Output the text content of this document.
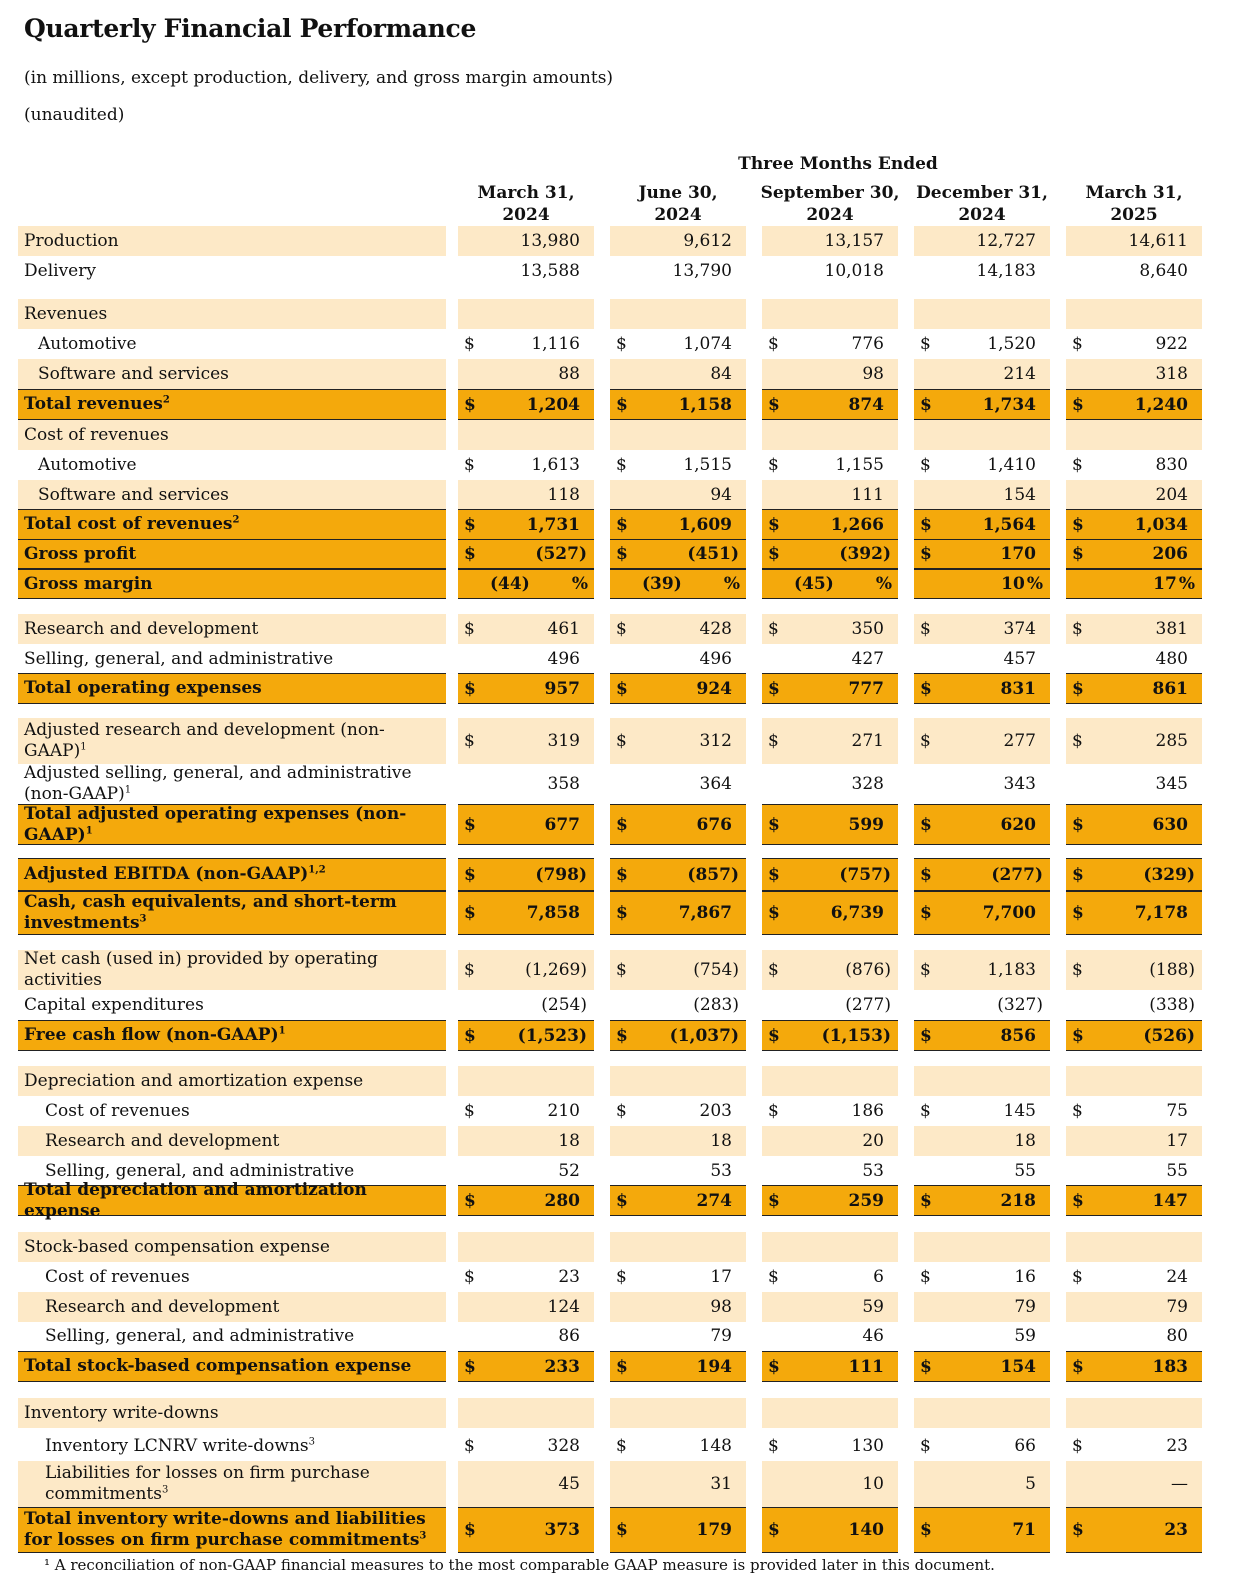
Quarterly Financial Performance
(in millions, except production, delivery, and gross margin amounts)
(unaudited)
Three Months Ended
March 31,
2024
June 30,
2024
September 30,
2024
December 31,
2024
March 31,
2025
Production	13,980	9,612	13,157	12,727	14,611
Delivery	13,588	13,790	10,018	14,183	8,640
Revenues
Automotive	$	1,116 $	1,074 $	776 $	1,520 $	922
Software and services	88	84	98	214	318
Total revenues$^2$	$	1,204 $	1,158 $	874 $	1,734 $	1,240
Cost of revenues
Automotive	$	1,613 $	1,515 $	1,155 $	1,410 $	830
Software and services	118	94	111	154	204
Total cost of revenues$^2$	$	1,731 $	1,609 $	1,266 $	1,564 $	1,034
Gross profit	$	(527) $	(451) $	(392) $	170 $	206
Gross margin	(44) %	(39) %	(45) %	10 %	17 %
Research and development	$	461 $	428 $	350 $	374 $	381
Selling, general, and administrative	496	496	427	457	480
Total operating expenses	$	957 $	924 $	777 $	831 $	861
Adjusted research and development (non-GAAP)$^1$	$	319 $	312 $	271 $	277 $	285
Adjusted selling, general, and administrative (non-GAAP)$^1$	358	364	328	343	345
Total adjusted operating expenses (non-GAAP)$^1$	$	677 $	676 $	599 $	620 $	630
Adjusted EBITDA (non-GAAP)$^{1,2}$	$	(798) $	(857) $	(757) $	(277) $	(329)
Cash, cash equivalents, and short-term investments$^3$	$	7,858 $	7,867 $	6,739 $	7,700 $	7,178
Net cash (used in) provided by operating activities	$	(1,269) $	(754) $	(876) $	1,183 $	(188)
Capital expenditures	(254)	(283)	(277)	(327)	(338)
Free cash flow (non-GAAP)$^1$	$ (1,523) $ (1,037) $ (1,153) $	856 $	(526)
Depreciation and amortization expense
Cost of revenues	$	210 $	203 $	186 $	145 $	75
Research and development	18	18	20	18	17
Selling, general, and administrative	52	53	53	55	55
Total depreciation and amortization expense	$	280 $	274 $	259 $	218 $	147
Stock-based compensation expense
Cost of revenues	$	23 $	17 $	6 $	16 $	24
Research and development	124	98	59	79	79
Selling, general, and administrative	86	79	46	59	80
Total stock-based compensation expense	$	233 $	194 $	111 $	154 $	183
Inventory write-downs
Inventory LCNRV write-downs$^3$	$	328 $	148 $	130 $	66 $	23
Liabilities for losses on firm purchase commitments$^3$	45	31	10	5	—
Total inventory write-downs and liabilities for losses on firm purchase commitments$^3$	$	373 $	179 $	140 $	71 $	23
¹ A reconciliation of non-GAAP financial measures to the most comparable GAAP measure is provided later in this document.
